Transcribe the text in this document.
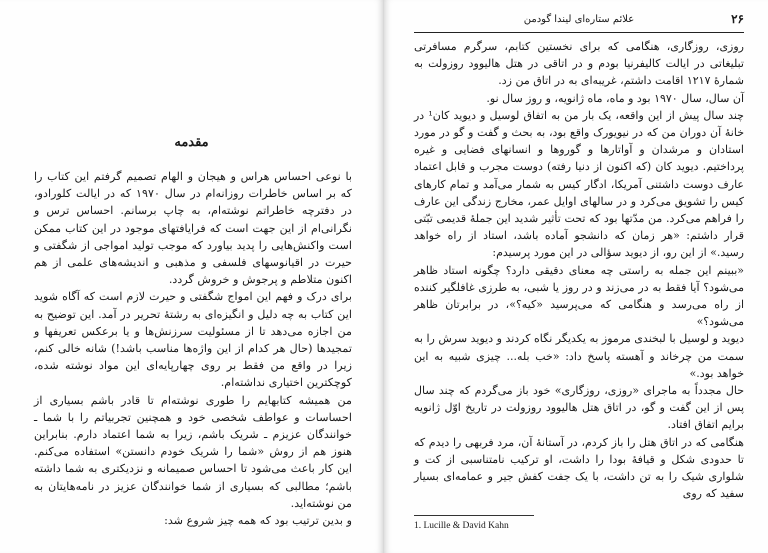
مقدمه

با نوعی احساس هراس و هیجان و الهام تصمیم گرفتم این کتاب را که بر اساس خاطرات روزانه‌ام در سال ۱۹۷۰ که در ایالت کلورادو، در دفترچه خاطراتم نوشته‌ام، به چاپ برسانم. احساس ترس و نگرانی‌ام از این جهت است که فرایافتهای موجود در این کتاب ممکن است واکنش‌هایی را پدید بیاورد که موجب تولید امواجی از شگفتی و حیرت در اقیانوسهای فلسفی و مذهبی و اندیشه‌های علمی از هم اکنون متلاطم و پرجوش و خروش گردد.

برای درک و فهم این امواج شگفتی و حیرت لازم است که آگاه شوید این کتاب به چه دلیل و انگیزه‌ای به رشتهٔ تحریر در آمد. این توضیح به من اجازه می‌دهد تا از مسئولیت سرزنش‌ها و یا برعکس تعریفها و تمجیدها (حال هر کدام از این واژه‌ها مناسب باشد!) شانه خالی کنم، زیرا در واقع من فقط بر روی چهارپایه‌ای این مواد نوشته شده، کوچکترین اختیاری نداشته‌ام.

من همیشه کتابهایم را طوری نوشته‌ام تا قادر باشم بسیاری از احساسات و عواطف شخصی خود و همچنین تجربیاتم را با شما ـ خوانندگان عزیزم ـ شریک باشم، زیرا به شما اعتماد دارم. بنابراین هنوز هم از روش «شما را شریک خودم دانستن» استفاده می‌کنم. این کار باعث می‌شود تا احساس صمیمانه و نزدیکتری به شما داشته باشم؛ مطالبی که بسیاری از شما خوانندگان عزیز در نامه‌هایتان به من نوشته‌اید.

و بدین ترتیب بود که همه چیز شروع شد:

۲۶
علائم ستاره‌ای لیندا گودمن

روزی، روزگاری، هنگامی که برای نخستین کتابم، سرگرم مسافرتی تبلیغاتی در ایالت کالیفرنیا بودم و در اتاقی در هتل هالیوود روزولت به شمارهٔ ۱۲۱۷ اقامت داشتم، غریبه‌ای به در اتاق من زد.

آن سال، سال ۱۹۷۰ بود و ماه، ماه ژانویه، و روز سال نو.

چند سال پیش از این واقعه، یک بار من به اتفاق لوسیل و دیوید کان¹ در خانهٔ آن دوران من که در نیویورک واقع بود، به بحث و گفت و گو در مورد استادان و مرشدان و آواتارها و گوروها و انسانهای فضایی و غیره پرداختیم. دیوید کان (که اکنون از دنیا رفته) دوست مجرب و قابل اعتماد عارف دوست داشتنی آمریکا، ادگار کیس به شمار می‌آمد و تمام کارهای کیس را تشویق می‌کرد و در سالهای اوایل عمر، مخارج زندگی این عارف را فراهم می‌کرد. من مدّتها بود که تحت تأثیر شدید این جملهٔ قدیمی تبّتی قرار داشتم: «هر زمان که دانشجو آماده باشد، استاد از راه خواهد رسید.» از این رو، از دیوید سؤالی در این مورد پرسیدم:

«ببینم این جمله به راستی چه معنای دقیقی دارد؟ چگونه استاد ظاهر می‌شود؟ آیا فقط به در می‌زند و در روز یا شبی، به طرزی غافلگیر کننده از راه می‌رسد و هنگامی که می‌پرسید «کیه؟»، در برابرتان ظاهر می‌شود؟»

دیوید و لوسیل با لبخندی مرموز به یکدیگر نگاه کردند و دیوید سرش را به سمت من چرخاند و آهسته پاسخ داد: «خب بله... چیزی شبیه به این خواهد بود.»

حال مجدداً به ماجرای «روزی، روزگاری» خود باز می‌گردم که چند سال پس از این گفت و گو، در اتاق هتل هالیوود روزولت در تاریخ اوّل ژانویه برایم اتفاق افتاد.

هنگامی که در اتاق هتل را باز کردم، در آستانهٔ آن، مرد فربهی را دیدم که تا حدودی شکل و قیافهٔ بودا را داشت، او ترکیب نامتناسبی از کت و شلواری شیک را به تن داشت، با یک جفت کفش جیر و عمامه‌ای بسیار سفید که روی

1. Lucille & David Kahn
